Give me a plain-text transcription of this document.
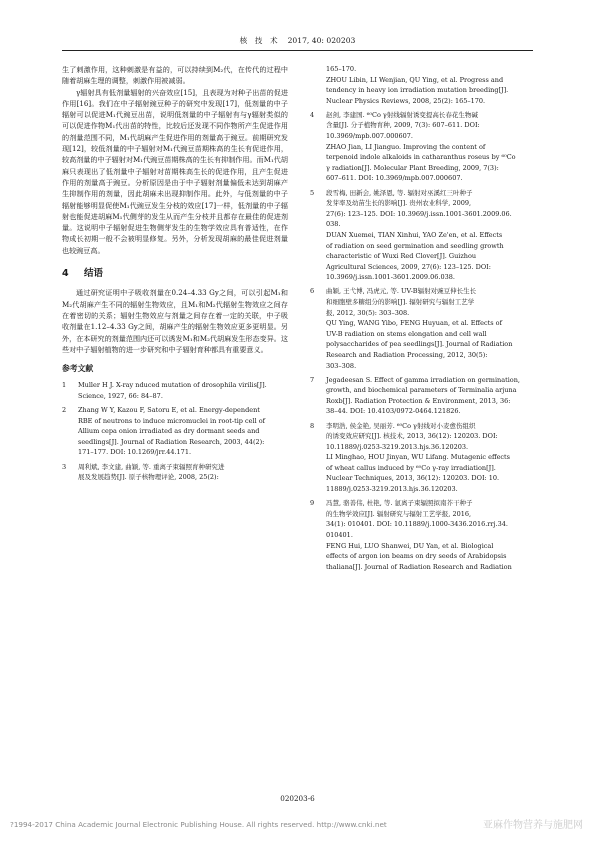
核　技　术 2017, 40: 020203

生了刺激作用，这种刺激是有益的，可以持续到M₂代，在传代的过程中随着胡麻生理的调整，刺激作用被减弱。

γ辐射具有低剂量辐射的兴奋效应[15]，且表现为对种子出苗的促进作用[16]。我们在中子辐射豌豆种子的研究中发现[17]，低剂量的中子辐射可以促进M₁代豌豆出苗，说明低剂量的中子辐射有与γ辐射类似的可以促进作物M₁代出苗的特性，比较后还发现不同作物所产生促进作用的剂量范围不同，M₁代胡麻产生促进作用的剂量高于豌豆。前期研究发现[12]，较低剂量的中子辐射对M₁代豌豆苗期株高的生长有促进作用，较高剂量的中子辐射对M₁代豌豆苗期株高的生长有抑制作用。而M₁代胡麻只表现出了低剂量中子辐射对苗期株高生长的促进作用，且产生促进作用的剂量高于豌豆。分析原因是由于中子辐射剂量偏低未达到胡麻产生抑制作用的剂量，因此胡麻未出现抑制作用。此外，与低剂量的中子辐射能够明显促使M₁代豌豆发生分枝的效应[17]一样，低剂量的中子辐射也能促进胡麻M₁代侧芽的发生从而产生分枝并且都存在最佳的促进剂量。这说明中子辐射促进生物侧芽发生的生物学效应具有普适性，在作物成长初期一般不会被明显修复。另外，分析发现胡麻的最佳促进剂量也较豌豆高。

4 结语

通过研究证明中子吸收剂量在0.24–4.33 Gy之间，可以引起M₁和M₂代胡麻产生不同的辐射生物效应，且M₁和M₂代辐射生物效应之间存在着密切的关系；辐射生物效应与剂量之间存在着一定的关联，中子吸收剂量在1.12–4.33 Gy之间，胡麻产生的辐射生物效应更多更明显。另外，在本研究的剂量范围内还可以诱发M₁和M₂代胡麻发生形态变异。这些对中子辐射植物的进一步研究和中子辐射育种都具有重要意义。

参考文献
1 Muller H J. X-ray nduced mutation of drosophila virilis[J].
Science, 1927, 66: 84–87.
2 Zhang W Y, Kazou F, Satoru E, et al. Energy-dependent
RBE of neutrons to induce micromuclei in root-tip cell of
Allium cepa onion irradiated as dry dormant seeds and
seedlings[J]. Journal of Radiation Research, 2003, 44(2):
171–177. DOI: 10.1269/jrr.44.171.
3 周利斌, 李文建, 曲颖, 等. 重离子束辐照育种研究进
展及发展趋势[J]. 原子核物理评论, 2008, 25(2):
165–170.
ZHOU Libin, LI Wenjian, QU Ying, et al. Progress and
tendency in heavy ion irradiation mutation breeding[J].
Nuclear Physics Reviews, 2008, 25(2): 165–170.
4 赵剑, 李建国. ⁶⁰Co γ射线辐射诱变提高长春花生物碱
含量[J]. 分子植物育种, 2009, 7(3): 607–611. DOI:
10.3969/mpb.007.000607.
ZHAO Jian, LI Jianguo. Improving the content of
terpenoid indole alkaloids in catharanthus roseus by ⁶⁰Co
γ radiation[J]. Molecular Plant Breeding, 2009, 7(3):
607–611. DOI: 10.3969/mpb.007.000607.
5 段雪梅, 田新会, 姚泽恩, 等. 辐射对巫溪红三叶种子
发芽率及幼苗生长的影响[J]. 贵州农业科学, 2009,
27(6): 123–125. DOI: 10.3969/j.issn.1001-3601.2009.06.
038.
DUAN Xuemei, TIAN Xinhui, YAO Ze'en, et al. Effects
of radiation on seed germination and seedling growth
characteristic of Wuxi Red Clover[J]. Guizhou
Agricultural Sciences, 2009, 27(6): 123–125. DOI:
10.3969/j.issn.1001-3601.2009.06.038.
6 曲颖, 王弋博, 冯虎元, 等. UV-B辐射对豌豆伸长生长
和细胞壁多糖组分的影响[J]. 辐射研究与辐射工艺学
报, 2012, 30(5): 303–308.
QU Ying, WANG Yibo, FENG Huyuan, et al. Effects of
UV-B radiation on stems elongation and cell wall
polysaccharides of pea seedlings[J]. Journal of Radiation
Research and Radiation Processing, 2012, 30(5):
303–308.
7 Jegadeesan S. Effect of gamma irradiation on germination,
growth, and biochemical parameters of Terminalia arjuna
Roxb[J]. Radiation Protection & Environment, 2013, 36:
38–44. DOI: 10.4103/0972-0464.121826.
8 李明浩, 侯金艳, 吴丽芳. ⁶⁰Co γ射线对小麦愈伤组织
的诱变效应研究[J]. 核技术, 2013, 36(12): 120203. DOI:
10.11889/j.0253-3219.2013.hjs.36.120203.
LI Minghao, HOU Jinyan, WU Lifang. Mutagenic effects
of wheat callus induced by ⁶⁰Co γ-ray irradiation[J].
Nuclear Techniques, 2013, 36(12): 120203. DOI: 10.
11889/j.0253-3219.2013.hjs.36.120203.
9 冯慧, 骆善伟, 杜艳, 等. 氩离子束辐照拟南芥干种子
的生物学效应[J]. 辐射研究与辐射工艺学报, 2016,
34(1): 010401. DOI: 10.11889/j.1000-3436.2016.rrj.34.
010401.
FENG Hui, LUO Shanwei, DU Yan, et al. Biological
effects of argon ion beams on dry seeds of Arabidopsis
thaliana[J]. Journal of Radiation Research and Radiation
020203-6
?1994-2017 China Academic Journal Electronic Publishing House. All rights reserved. http://www.cnki.net	亚麻作物营养与施肥网
